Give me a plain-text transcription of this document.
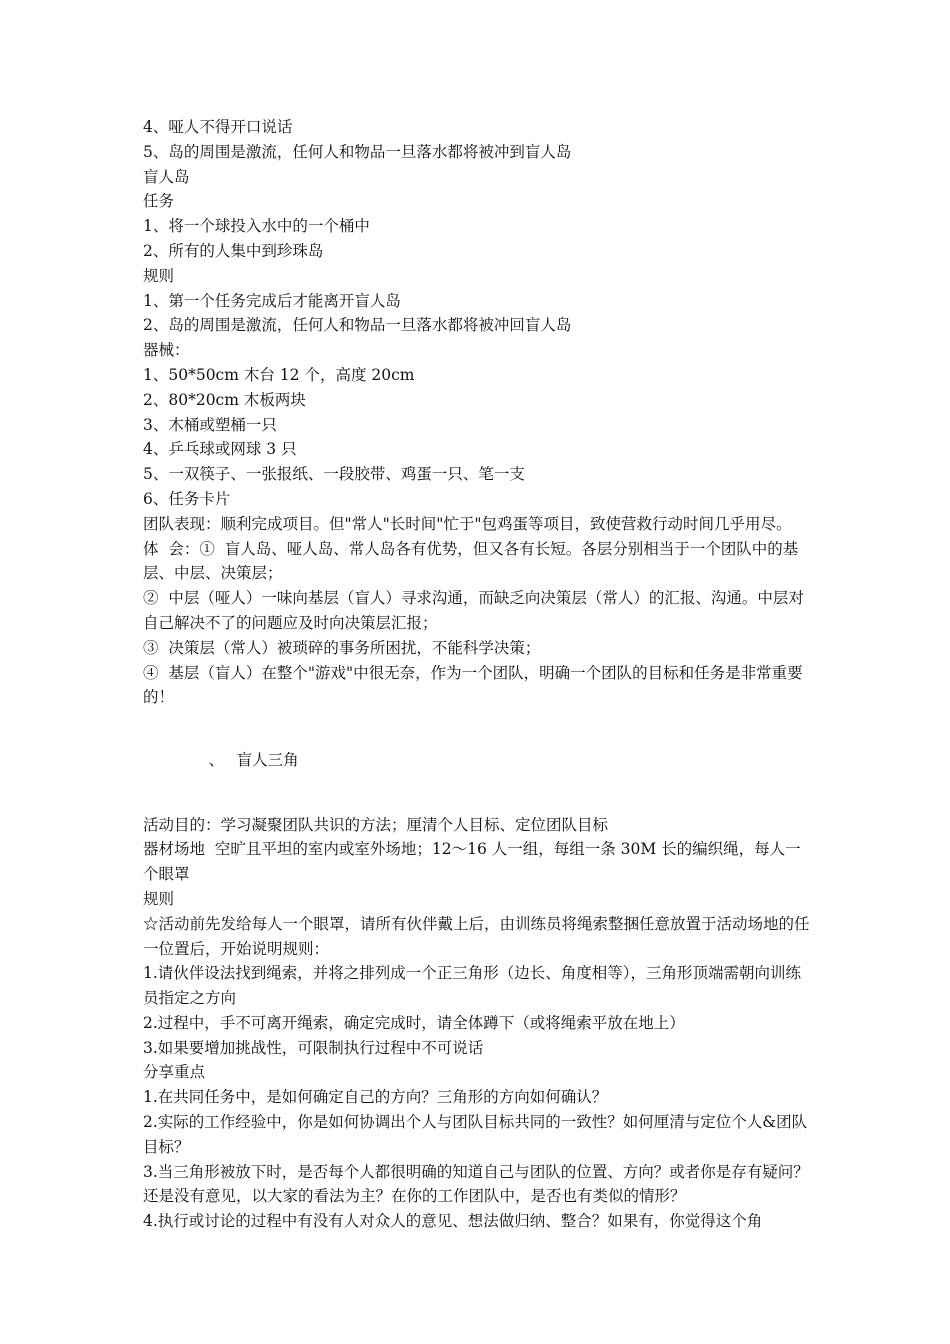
4、哑人不得开口说话

5、岛的周围是激流，任何人和物品一旦落水都将被冲到盲人岛

盲人岛

任务

1、将一个球投入水中的一个桶中

2、所有的人集中到珍珠岛

规则

1、第一个任务完成后才能离开盲人岛

2、岛的周围是激流，任何人和物品一旦落水都将被冲回盲人岛

器械：

1、50*50cm 木台 12 个，高度 20cm

2、80*20cm 木板两块

3、木桶或塑桶一只

4、乒乓球或网球 3 只

5、一双筷子、一张报纸、一段胶带、鸡蛋一只、笔一支

6、任务卡片

团队表现：顺利完成项目。但"常人"长时间"忙于"包鸡蛋等项目，致使营救行动时间几乎用尽。

体  会：①  盲人岛、哑人岛、常人岛各有优势，但又各有长短。各层分别相当于一个团队中的基层、中层、决策层；

②  中层（哑人）一味向基层（盲人）寻求沟通，而缺乏向决策层（常人）的汇报、沟通。中层对自己解决不了的问题应及时向决策层汇报；

③  决策层（常人）被琐碎的事务所困扰，不能科学决策；

④  基层（盲人）在整个"游戏"中很无奈，作为一个团队，明确一个团队的目标和任务是非常重要的！

、 盲人三角

活动目的：学习凝聚团队共识的方法；厘清个人目标、定位团队目标

器材场地  空旷且平坦的室内或室外场地；12～16 人一组，每组一条 30M 长的编织绳，每人一个眼罩

规则

☆活动前先发给每人一个眼罩，请所有伙伴戴上后，由训练员将绳索整捆任意放置于活动场地的任一位置后，开始说明规则：

1.请伙伴设法找到绳索，并将之排列成一个正三角形（边长、角度相等），三角形顶端需朝向训练员指定之方向

2.过程中，手不可离开绳索，确定完成时，请全体蹲下（或将绳索平放在地上）

3.如果要增加挑战性，可限制执行过程中不可说话

分享重点

1.在共同任务中，是如何确定自己的方向？三角形的方向如何确认？

2.实际的工作经验中，你是如何协调出个人与团队目标共同的一致性？如何厘清与定位个人&团队目标？

3.当三角形被放下时，是否每个人都很明确的知道自己与团队的位置、方向？或者你是存有疑问？还是没有意见，以大家的看法为主？在你的工作团队中，是否也有类似的情形？

4.执行或讨论的过程中有没有人对众人的意见、想法做归纳、整合？如果有，你觉得这个角
